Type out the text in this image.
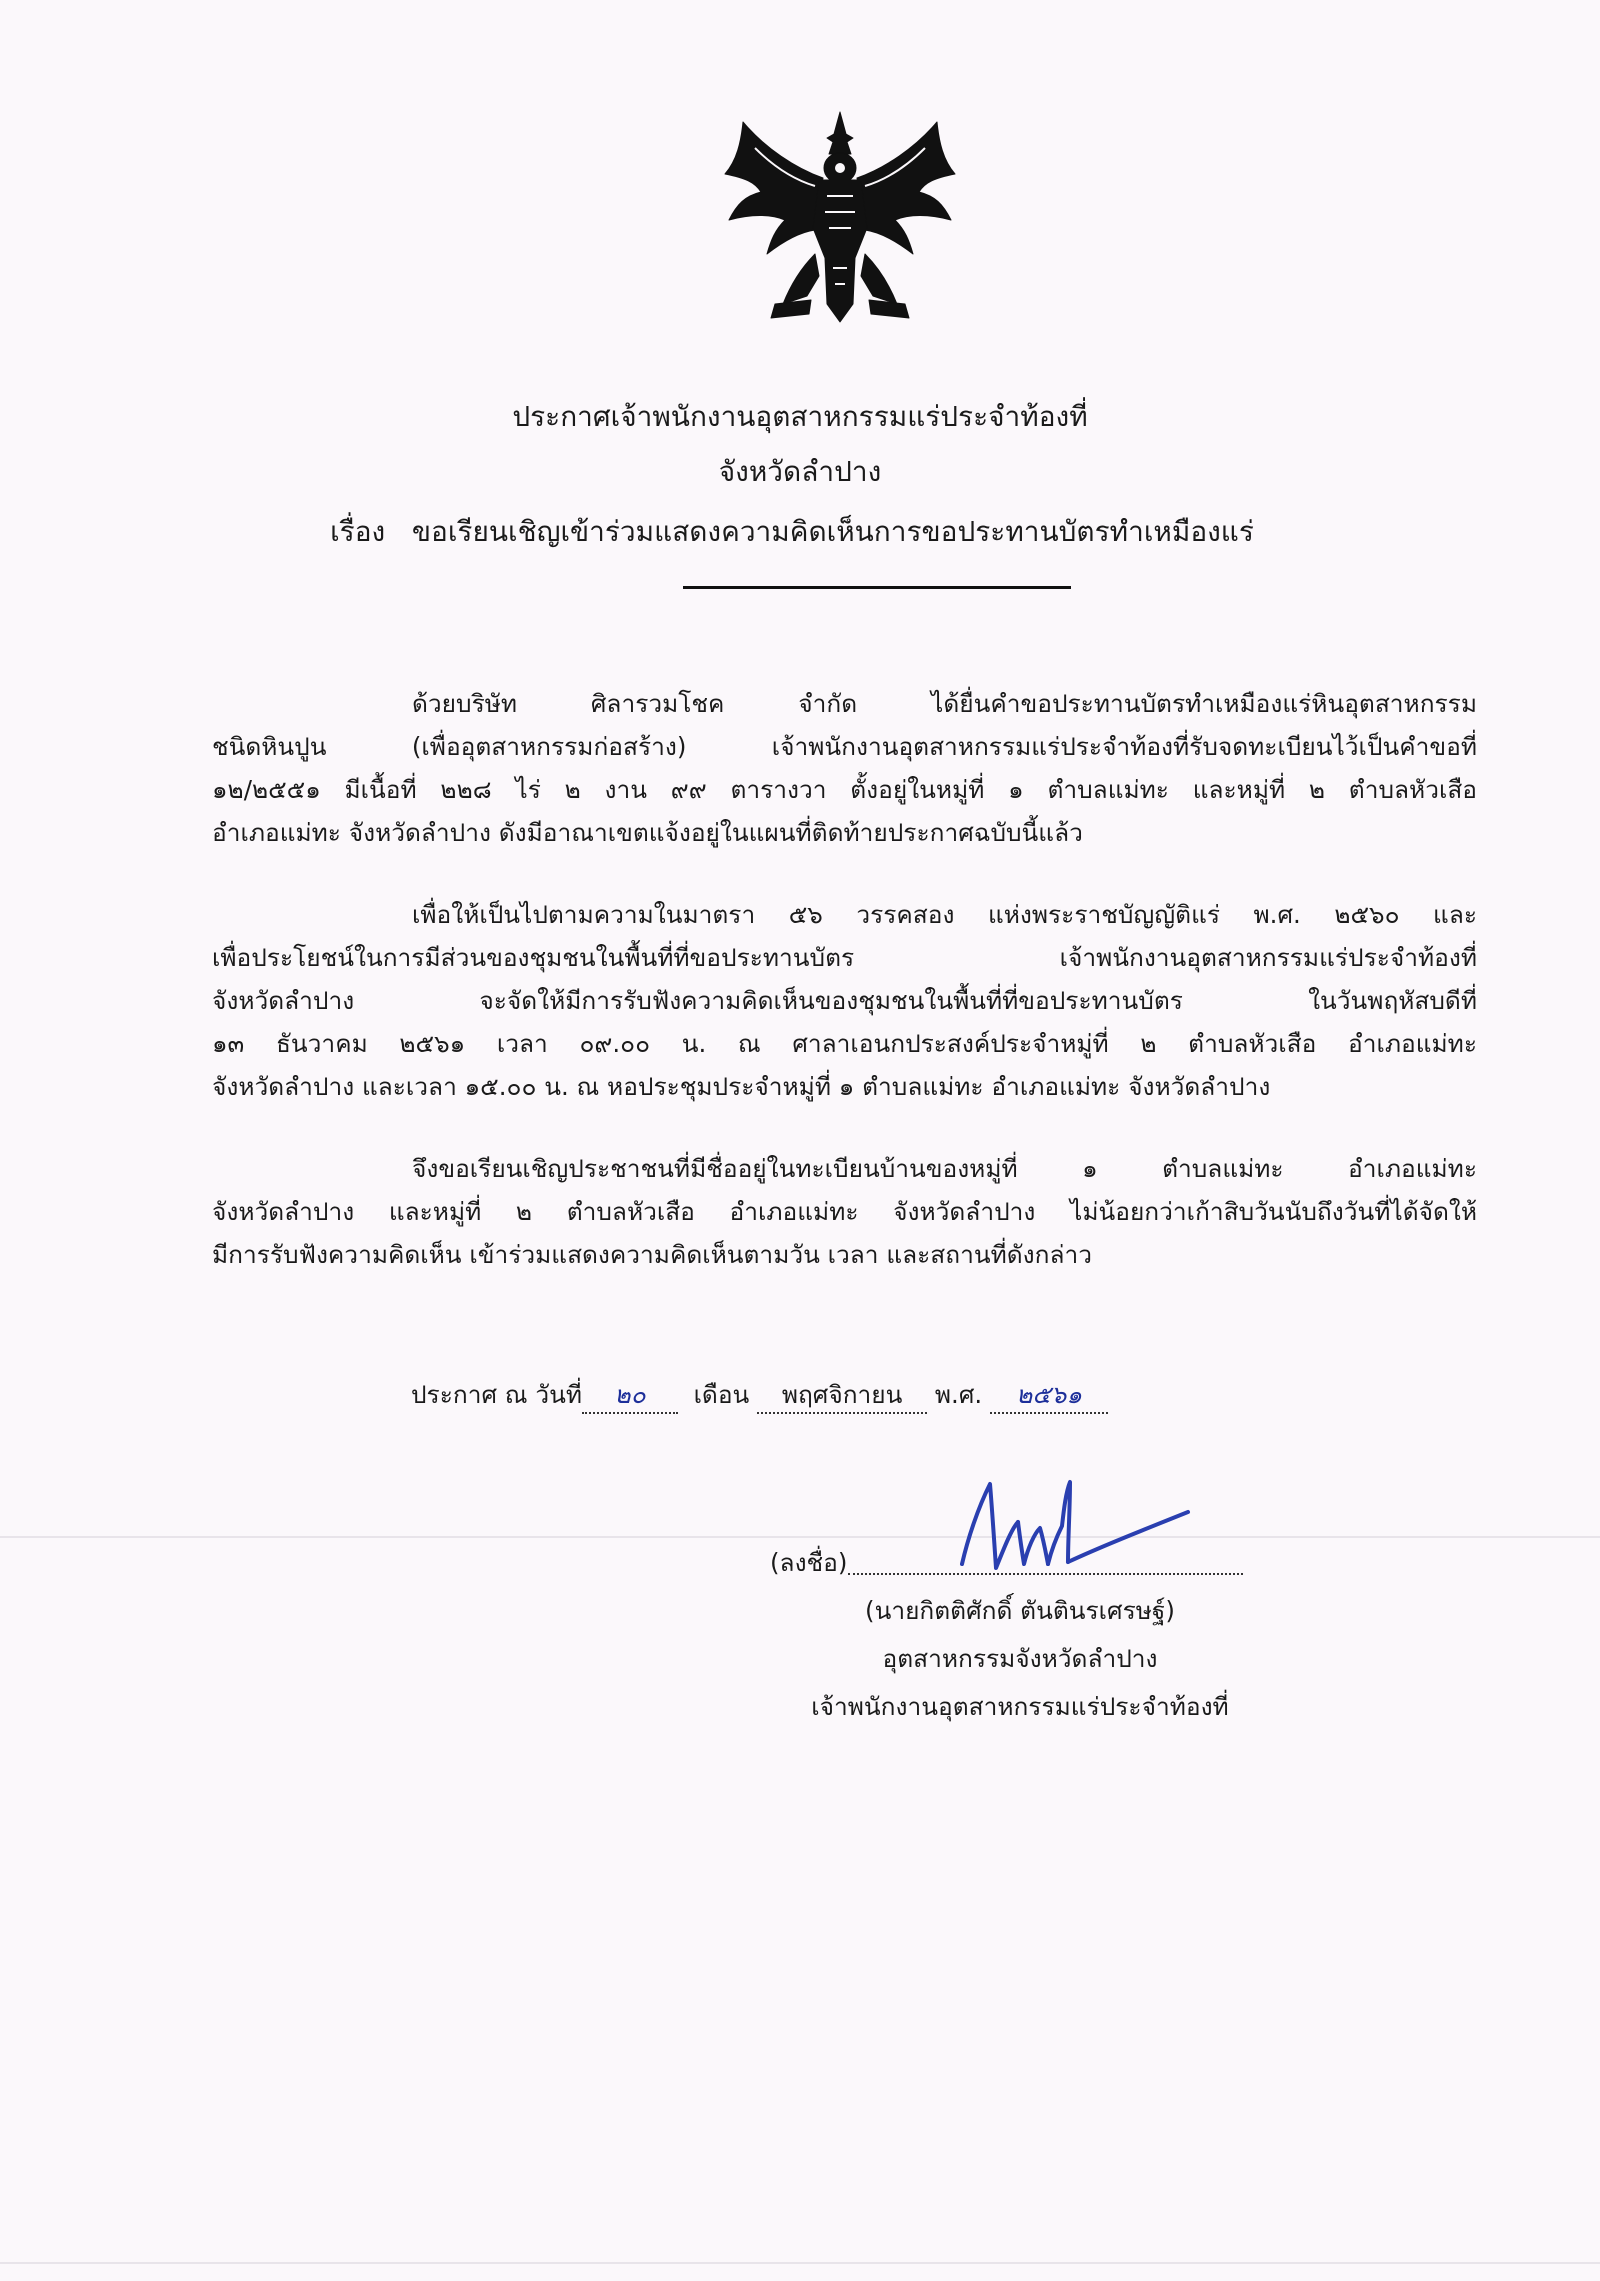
ประกาศเจ้าพนักงานอุตสาหกรรมแร่ประจำท้องที่
จังหวัดลำปาง
เรื่อง ขอเรียนเชิญเข้าร่วมแสดงความคิดเห็นการขอประทานบัตรทำเหมืองแร่

ด้วยบริษัท ศิลารวมโชค จำกัด ได้ยื่นคำขอประทานบัตรทำเหมืองแร่หินอุตสาหกรรม

ชนิดหินปูน (เพื่ออุตสาหกรรมก่อสร้าง) เจ้าพนักงานอุตสาหกรรมแร่ประจำท้องที่รับจดทะเบียนไว้เป็นคำขอที่

๑๒/๒๕๕๑ มีเนื้อที่ ๒๒๘ ไร่ ๒ งาน ๙๙ ตารางวา ตั้งอยู่ในหมู่ที่ ๑ ตำบลแม่ทะ และหมู่ที่ ๒ ตำบลหัวเสือ

อำเภอแม่ทะ จังหวัดลำปาง ดังมีอาณาเขตแจ้งอยู่ในแผนที่ติดท้ายประกาศฉบับนี้แล้ว

เพื่อให้เป็นไปตามความในมาตรา ๕๖ วรรคสอง แห่งพระราชบัญญัติแร่ พ.ศ. ๒๕๖๐ และ

เพื่อประโยชน์ในการมีส่วนของชุมชนในพื้นที่ที่ขอประทานบัตร เจ้าพนักงานอุตสาหกรรมแร่ประจำท้องที่

จังหวัดลำปาง จะจัดให้มีการรับฟังความคิดเห็นของชุมชนในพื้นที่ที่ขอประทานบัตร ในวันพฤหัสบดีที่

๑๓ ธันวาคม ๒๕๖๑ เวลา ๐๙.๐๐ น. ณ ศาลาเอนกประสงค์ประจำหมู่ที่ ๒ ตำบลหัวเสือ อำเภอแม่ทะ

จังหวัดลำปาง และเวลา ๑๕.๐๐ น. ณ หอประชุมประจำหมู่ที่ ๑ ตำบลแม่ทะ อำเภอแม่ทะ จังหวัดลำปาง

จึงขอเรียนเชิญประชาชนที่มีชื่ออยู่ในทะเบียนบ้านของหมู่ที่ ๑ ตำบลแม่ทะ อำเภอแม่ทะ

จังหวัดลำปาง และหมู่ที่ ๒ ตำบลหัวเสือ อำเภอแม่ทะ จังหวัดลำปาง ไม่น้อยกว่าเก้าสิบวันนับถึงวันที่ได้จัดให้

มีการรับฟังความคิดเห็น เข้าร่วมแสดงความคิดเห็นตามวัน เวลา และสถานที่ดังกล่าว

ประกาศ ณ วันที่ ๒๐ เดือน พฤศจิกายน พ.ศ. ๒๕๖๑
(ลงชื่อ)
(นายกิตติศักดิ์ ตันตินรเศรษฐ์)
อุตสาหกรรมจังหวัดลำปาง
เจ้าพนักงานอุตสาหกรรมแร่ประจำท้องที่
